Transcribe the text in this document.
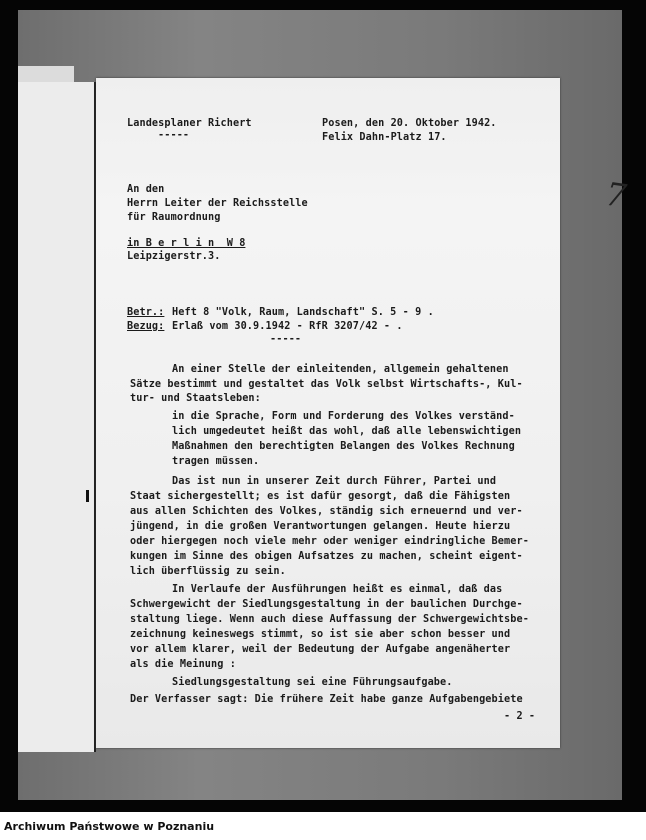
Landesplaner Richert
-----
Posen, den 20. Oktober 1942.
Felix Dahn-Platz 17.
7
An den
Herrn Leiter der Reichsstelle
für Raumordnung
in B e r l i n  W 8
Leipzigerstr.3.
Betr.: Heft 8 "Volk, Raum, Landschaft" S. 5 - 9 .
Bezug: Erlaß vom 30.9.1942 - RfR 3207/42 - .
-----
An einer Stelle der einleitenden, allgemein gehaltenen
Sätze bestimmt und gestaltet das Volk selbst Wirtschafts-, Kul-
tur- und Staatsleben:
in die Sprache, Form und Forderung des Volkes verständ-
lich umgedeutet heißt das wohl, daß alle lebenswichtigen
Maßnahmen den berechtigten Belangen des Volkes Rechnung
tragen müssen.
Das ist nun in unserer Zeit durch Führer, Partei und
Staat sichergestellt; es ist dafür gesorgt, daß die Fähigsten
aus allen Schichten des Volkes, ständig sich erneuernd und ver-
jüngend, in die großen Verantwortungen gelangen. Heute hierzu
oder hiergegen noch viele mehr oder weniger eindringliche Bemer-
kungen im Sinne des obigen Aufsatzes zu machen, scheint eigent-
lich überflüssig zu sein.
In Verlaufe der Ausführungen heißt es einmal, daß das
Schwergewicht der Siedlungsgestaltung in der baulichen Durchge-
staltung liege. Wenn auch diese Auffassung der Schwergewichtsbe-
zeichnung keineswegs stimmt, so ist sie aber schon besser und
vor allem klarer, weil der Bedeutung der Aufgabe angenäherter
als die Meinung :
Siedlungsgestaltung sei eine Führungsaufgabe.
Der Verfasser sagt: Die frühere Zeit habe ganze Aufgabengebiete
- 2 -
Archiwum Państwowe w Poznaniu
